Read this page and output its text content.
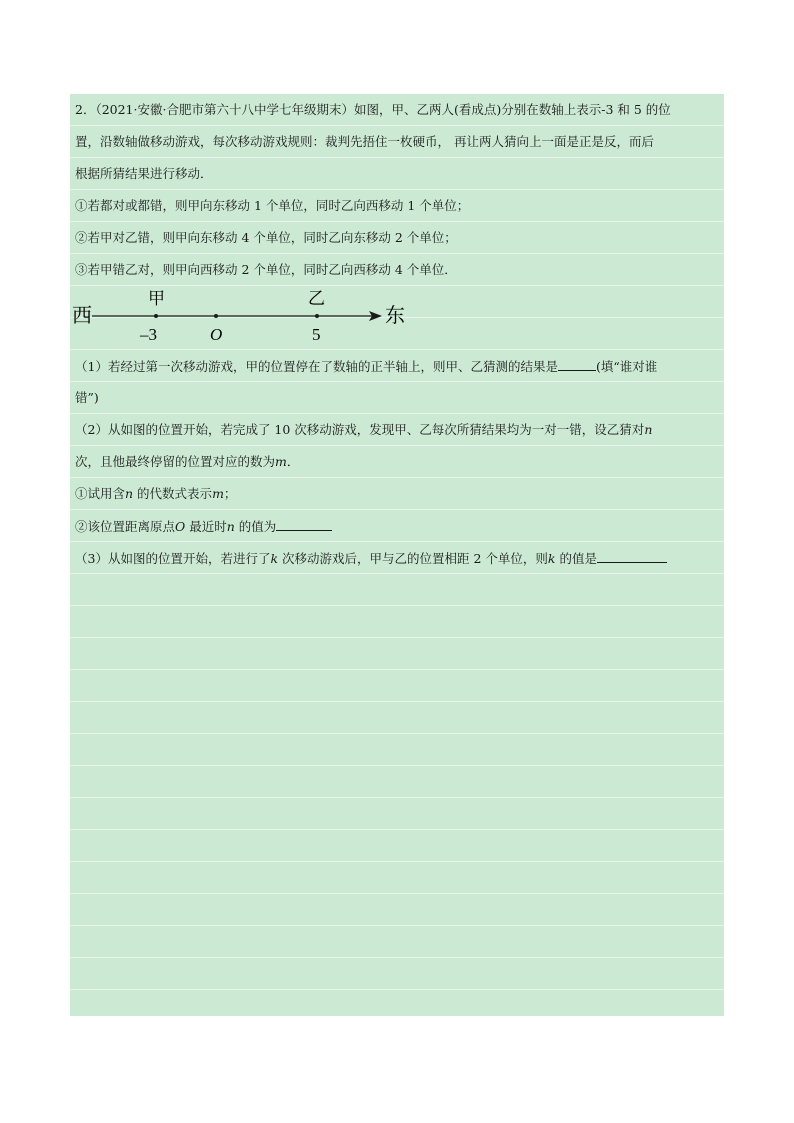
2．（2021·安徽·合肥市第六十八中学七年级期末）如图，甲、乙两人(看成点)分别在数轴上表示-3 和 5 的位
置，沿数轴做移动游戏，每次移动游戏规则：裁判先捂住一枚硬币， 再让两人猜向上一面是正是反，而后
根据所猜结果进行移动．
①若都对或都错，则甲向东移动 1 个单位，同时乙向西移动 1 个单位；
②若甲对乙错，则甲向东移动 4 个单位，同时乙向东移动 2 个单位；
③若甲错乙对，则甲向西移动 2 个单位，同时乙向西移动 4 个单位．
西	东
甲	乙
–3	O	5
（1）若经过第一次移动游戏，甲的位置停在了数轴的正半轴上，则甲、乙猜测的结果是	(填“谁对谁
错”)
（2）从如图的位置开始，若完成了 10 次移动游戏，发现甲、乙每次所猜结果均为一对一错，设乙猜对n
次，且他最终停留的位置对应的数为m．
①试用含n 的代数式表示m；
②该位置距离原点O 最近时n 的值为
（3）从如图的位置开始，若进行了k 次移动游戏后，甲与乙的位置相距 2 个单位，则k 的值是
